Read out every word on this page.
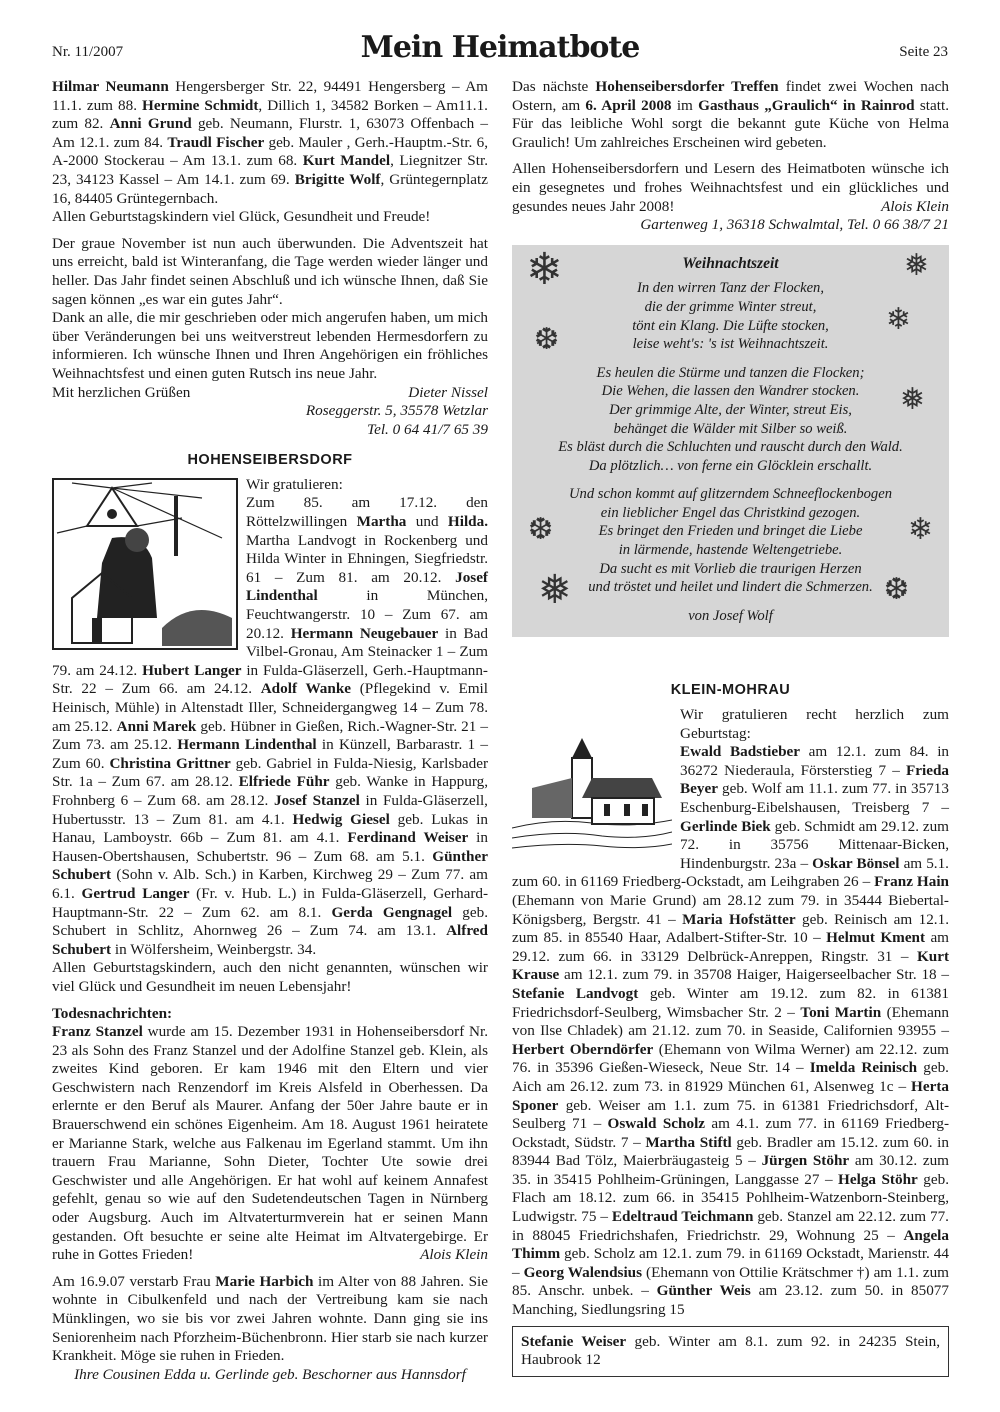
Nr. 11/2007	Mein Heimatbote	Seite 23

Hilmar Neumann Hengersberger Str. 22, 94491 Hengersberg – Am 11.1. zum 88. Hermine Schmidt, Dillich 1, 34582 Borken – Am11.1. zum 82. Anni Grund geb. Neumann, Flurstr. 1, 63073 Offenbach – Am 12.1. zum 84. Traudl Fischer geb. Mauler , Gerh.-Hauptm.-Str. 6, A-2000 Stockerau – Am 13.1. zum 68. Kurt Mandel, Liegnitzer Str. 23, 34123 Kassel – Am 14.1. zum 69. Brigitte Wolf, Grüntegernplatz 16, 84405 Grüntegernbach.

Allen Geburtstagskindern viel Glück, Gesundheit und Freude!

Der graue November ist nun auch überwunden. Die Adventszeit hat uns erreicht, bald ist Winteranfang, die Tage werden wieder länger und heller. Das Jahr findet seinen Abschluß und ich wünsche Ihnen, daß Sie sagen können „es war ein gutes Jahr“.

Dank an alle, die mir geschrieben oder mich angerufen haben, um mich über Veränderungen bei uns weitverstreut lebenden Hermesdorfern zu informieren. Ich wünsche Ihnen und Ihren Angehörigen ein fröhliches Weihnachtsfest und einen guten Rutsch ins neue Jahr.

Mit herzlichen Grüßen	Dieter Nissel
Roseggerstr. 5, 35578 Wetzlar
Tel. 0 64 41/7 65 39
HOHENSEIBERSDORF

Wir gratulieren:
Zum 85. am 17.12. den Röttelzwillingen Martha und Hilda. Martha Landvogt in Rockenberg und Hilda Winter in Ehningen, Siegfriedstr. 61 – Zum 81. am 20.12. Josef Lindenthal in München, Feuchtwangerstr. 10 – Zum 67. am 20.12. Hermann Neugebauer in Bad Vilbel-Gronau, Am Steinacker 1 – Zum 79. am 24.12. Hubert Langer in Fulda-Gläserzell, Gerh.-Hauptmann-Str. 22 – Zum 66. am 24.12. Adolf Wanke (Pflegekind v. Emil Heinisch, Mühle) in Altenstadt Iller, Schneidergangweg 14 – Zum 78. am 25.12. Anni Marek geb. Hübner in Gießen, Rich.-Wagner-Str. 21 – Zum 73. am 25.12. Hermann Lindenthal in Künzell, Barbarastr. 1 – Zum 60. Christina Grittner geb. Gabriel in Fulda-Niesig, Karlsbader Str. 1a – Zum 67. am 28.12. Elfriede Führ geb. Wanke in Happurg, Frohnberg 6 – Zum 68. am 28.12. Josef Stanzel in Fulda-Gläserzell, Hubertusstr. 13 – Zum 81. am 4.1. Hedwig Giesel geb. Lukas in Hanau, Lamboystr. 66b – Zum 81. am 4.1. Ferdinand Weiser in Hausen-Obertshausen, Schubertstr. 96 – Zum 68. am 5.1. Günther Schubert (Sohn v. Alb. Sch.) in Karben, Kirchweg 29 – Zum 77. am 6.1. Gertrud Langer (Fr. v. Hub. L.) in Fulda-Gläserzell, Gerhard-Hauptmann-Str. 22 – Zum 62. am 8.1. Gerda Gengnagel geb. Schubert in Schlitz, Ahornweg 26 – Zum 74. am 13.1. Alfred Schubert in Wölfersheim, Weinbergstr. 34.

Allen Geburtstagskindern, auch den nicht genannten, wünschen wir viel Glück und Gesundheit im neuen Lebensjahr!

Todesnachrichten:

Franz Stanzel wurde am 15. Dezember 1931 in Hohenseibersdorf Nr. 23 als Sohn des Franz Stanzel und der Adolfine Stanzel geb. Klein, als zweites Kind geboren. Er kam 1946 mit den Eltern und vier Geschwistern nach Renzendorf im Kreis Alsfeld in Oberhessen. Da erlernte er den Beruf als Maurer. Anfang der 50er Jahre baute er in Brauerschwend ein schönes Eigenheim. Am 18. August 1961 heiratete er Marianne Stark, welche aus Falkenau im Egerland stammt. Um ihn trauern Frau Marianne, Sohn Dieter, Tochter Ute sowie drei Geschwister und alle Angehörigen. Er hat wohl auf keinem Annafest gefehlt, genau so wie auf den Sudetendeutschen Tagen in Nürnberg oder Augsburg. Auch im Altvaterturmverein hat er seinen Mann gestanden. Oft besuchte er seine alte Heimat im Altvatergebirge. Er ruhe in Gottes Frieden!	Alois Klein

Am 16.9.07 verstarb Frau Marie Harbich im Alter von 88 Jahren. Sie wohnte in Cibulkenfeld und nach der Vertreibung kam sie nach Münklingen, wo sie bis vor zwei Jahren wohnte. Dann ging sie ins Seniorenheim nach Pforzheim-Büchenbronn. Hier starb sie nach kurzer Krankheit. Möge sie ruhen in Frieden.

Ihre Cousinen Edda u. Gerlinde geb. Beschorner aus Hannsdorf

Das nächste Hohenseibersdorfer Treffen findet zwei Wochen nach Ostern, am 6. April 2008 im Gasthaus „Graulich“ in Rainrod statt. Für das leibliche Wohl sorgt die bekannt gute Küche von Helma Graulich! Um zahlreiches Erscheinen wird gebeten.

Allen Hohenseibersdorfern und Lesern des Heimatboten wünsche ich ein gesegnetes und frohes Weihnachtsfest und ein glückliches und gesundes neues Jahr 2008!	Alois Klein

Gartenweg 1, 36318 Schwalmtal, Tel. 0 66 38/7 21
❄	❅
❆
❄
❅
❆	❄
❅	❆
Weihnachtszeit
In den wirren Tanz der Flocken,
die der grimme Winter streut,
tönt ein Klang. Die Lüfte stocken,
leise weht's: 's ist Weihnachtszeit.
Es heulen die Stürme und tanzen die Flocken;
Die Wehen, die lassen den Wandrer stocken.
Der grimmige Alte, der Winter, streut Eis,
behänget die Wälder mit Silber so weiß.
Es bläst durch die Schluchten und rauscht durch den Wald.
Da plötzlich… von ferne ein Glöcklein erschallt.
Und schon kommt auf glitzerndem Schneeflockenbogen
ein lieblicher Engel das Christkind gezogen.
Es bringet den Frieden und bringet die Liebe
in lärmende, hastende Weltengetriebe.
Da sucht es mit Vorlieb die traurigen Herzen
und tröstet und heilet und lindert die Schmerzen.
von Josef Wolf
KLEIN-MOHRAU

Wir gratulieren recht herzlich zum Geburtstag:
Ewald Badstieber am 12.1. zum 84. in 36272 Niederaula, Försterstieg 7 – Frieda Beyer geb. Wolf am 11.1. zum 77. in 35713 Eschenburg-Eibelshausen, Treisberg 7 – Gerlinde Biek geb. Schmidt am 29.12. zum 72. in 35756 Mittenaar-Bicken, Hindenburgstr. 23a – Oskar Bönsel am 5.1. zum 60. in 61169 Friedberg-Ockstadt, am Leihgraben 26 – Franz Hain (Ehemann von Marie Grund) am 28.12 zum 79. in 35444 Biebertal-Königsberg, Bergstr. 41 – Maria Hofstätter geb. Reinisch am 12.1. zum 85. in 85540 Haar, Adalbert-Stifter-Str. 10 – Helmut Kment am 29.12. zum 66. in 33129 Delbrück-Anreppen, Ringstr. 31 – Kurt Krause am 12.1. zum 79. in 35708 Haiger, Haigerseelbacher Str. 18 – Stefanie Landvogt geb. Winter am 19.12. zum 82. in 61381 Friedrichsdorf-Seulberg, Wimsbacher Str. 2 – Toni Martin (Ehemann von Ilse Chladek) am 21.12. zum 70. in Seaside, Californien 93955 – Herbert Oberndörfer (Ehemann von Wilma Werner) am 22.12. zum 76. in 35396 Gießen-Wieseck, Neue Str. 14 – Imelda Reinisch geb. Aich am 26.12. zum 73. in 81929 München 61, Alsenweg 1c – Herta Sponer geb. Weiser am 1.1. zum 75. in 61381 Friedrichsdorf, Alt-Seulberg 71 – Oswald Scholz am 4.1. zum 77. in 61169 Friedberg-Ockstadt, Südstr. 7 – Martha Stiftl geb. Bradler am 15.12. zum 60. in 83944 Bad Tölz, Maierbräugasteig 5 – Jürgen Stöhr am 30.12. zum 35. in 35415 Pohlheim-Grüningen, Langgasse 27 – Helga Stöhr geb. Flach am 18.12. zum 66. in 35415 Pohlheim-Watzenborn-Steinberg, Ludwigstr. 75 – Edeltraud Teichmann geb. Stanzel am 22.12. zum 77. in 88045 Friedrichshafen, Friedrichstr. 29, Wohnung 25 – Angela Thimm geb. Scholz am 12.1. zum 79. in 61169 Ockstadt, Marienstr. 44 – Georg Walendsius (Ehemann von Ottilie Krätschmer †) am 1.1. zum 85. Anschr. unbek. – Günther Weis am 23.12. zum 50. in 85077 Manching, Siedlungsring 15

Stefanie Weiser geb. Winter am 8.1. zum 92. in 24235 Stein, Haubrook 12
